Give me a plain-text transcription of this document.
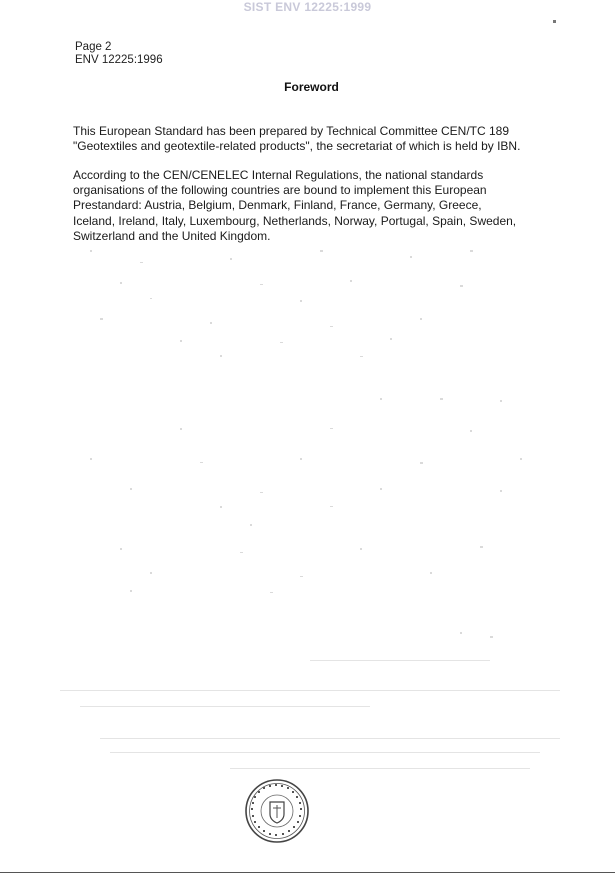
SIST ENV 12225:1999
Page 2
ENV 12225:1996
Foreword
This European Standard has been prepared by Technical Committee CEN/TC 189
"Geotextiles and geotextile-related products", the secretariat of which is held by IBN.
According to the CEN/CENELEC Internal Regulations, the national standards
organisations of the following countries are bound to implement this European
Prestandard: Austria, Belgium, Denmark, Finland, France, Germany, Greece,
Iceland, Ireland, Italy, Luxembourg, Netherlands, Norway, Portugal, Spain, Sweden,
Switzerland and the United Kingdom.
